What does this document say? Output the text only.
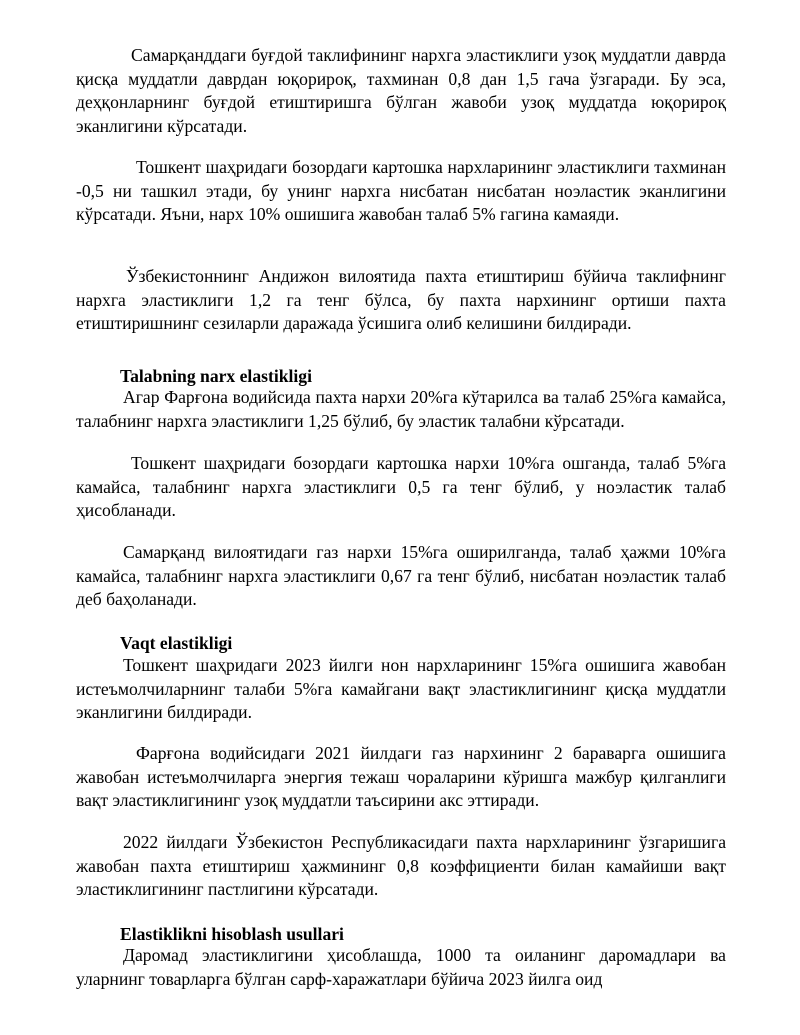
Самарқанддаги буғдой таклифининг нархга эластиклиги узоқ муддатли даврда қисқа муддатли даврдан юқорироқ, тахминан 0,8 дан 1,5 гача ўзгаради. Бу эса, деҳқонларнинг буғдой етиштиришга бўлган жавоби узоқ муддатда юқорироқ эканлигини кўрсатади.

Тошкент шаҳридаги бозордаги картошка нархларининг эластиклиги тахминан -0,5 ни ташкил этади, бу унинг нархга нисбатан нисбатан ноэластик эканлигини кўрсатади. Яъни, нарх 10% ошишига жавобан талаб 5% гагина камаяди.

Ўзбекистоннинг Андижон вилоятида пахта етиштириш бўйича таклифнинг нархга эластиклиги 1,2 га тенг бўлса, бу пахта нархининг ортиши пахта етиштиришнинг сезиларли даражада ўсишига олиб келишини билдиради.

Talabning narx elastikligi

Агар Фарғона водийсида пахта нархи 20%га кўтарилса ва талаб 25%га камайса, талабнинг нархга эластиклиги 1,25 бўлиб, бу эластик талабни кўрсатади.

Тошкент шаҳридаги бозордаги картошка нархи 10%га ошганда, талаб 5%га камайса, талабнинг нархга эластиклиги 0,5 га тенг бўлиб, у ноэластик талаб ҳисобланади.

Самарқанд вилоятидаги газ нархи 15%га оширилганда, талаб ҳажми 10%га камайса, талабнинг нархга эластиклиги 0,67 га тенг бўлиб, нисбатан ноэластик талаб деб баҳоланади.

Vaqt elastikligi

Тошкент шаҳридаги 2023 йилги нон нархларининг 15%га ошишига жавобан истеъмолчиларнинг талаби 5%га камайгани вақт эластиклигининг қисқа муддатли эканлигини билдиради.

Фарғона водийсидаги 2021 йилдаги газ нархининг 2 бараварга ошишига жавобан истеъмолчиларга энергия тежаш чораларини кўришга мажбур қилганлиги вақт эластиклигининг узоқ муддатли таъсирини акс эттиради.

2022 йилдаги Ўзбекистон Республикасидаги пахта нархларининг ўзгаришига жавобан пахта етиштириш ҳажмининг 0,8 коэффициенти билан камайиши вақт эластиклигининг пастлигини кўрсатади.

Elastiklikni hisoblash usullari

Даромад эластиклигини ҳисоблашда, 1000 та оиланинг даромадлари ва уларнинг товарларга бўлган сарф-харажатлари бўйича 2023 йилга оид
